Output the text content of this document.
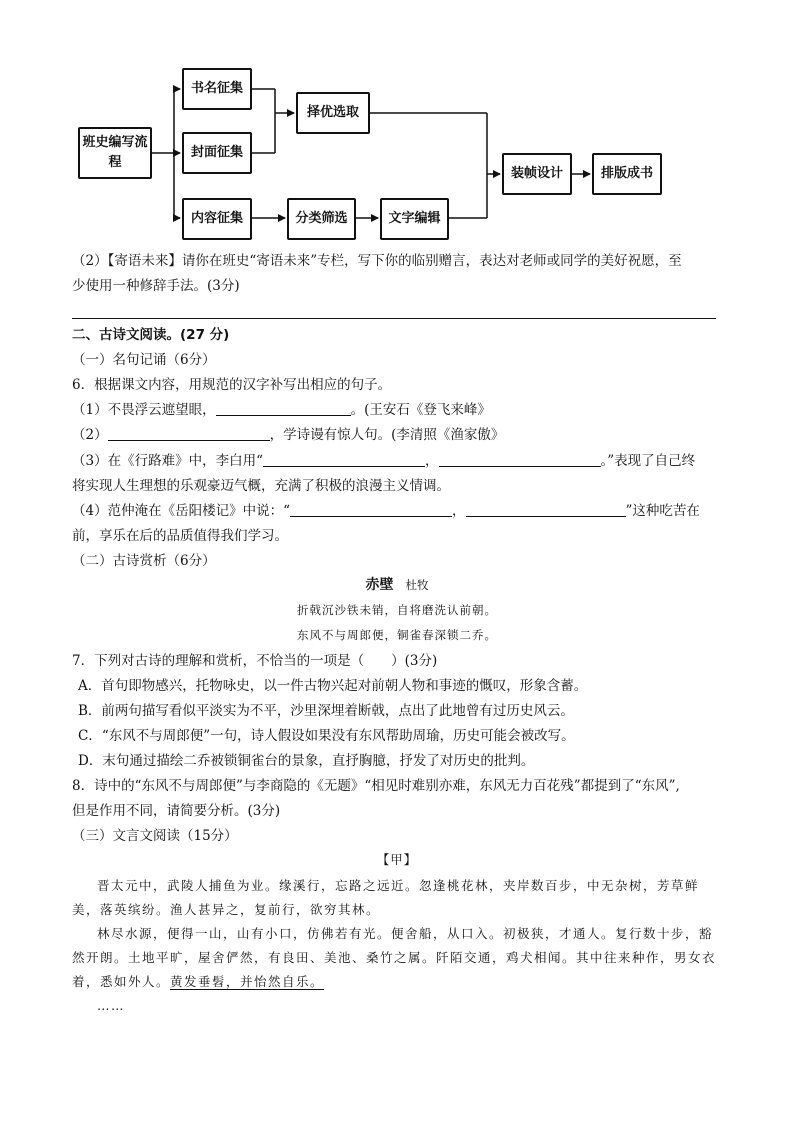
班史编写流程
书名征集
封面征集
内容征集
择优选取
分类筛选	文字编辑
装帧设计	排版成书
（2）【寄语未来】请你在班史“寄语未来”专栏，写下你的临别赠言，表达对老师或同学的美好祝愿，至
少使用一种修辞手法。(3分)
二、古诗文阅读。(27 分)
（一）名句记诵（6分）
6．根据课文内容，用规范的汉字补写出相应的句子。
（1）不畏浮云遮望眼，	。(王安石《登飞来峰》
（2）	，学诗谩有惊人句。(李清照《渔家傲》
（3）在《行路难》中，李白用“	，	。”表现了自己终
将实现人生理想的乐观豪迈气概，充满了积极的浪漫主义情调。
（4）范仲淹在《岳阳楼记》中说：“	，	”这种吃苦在
前，享乐在后的品质值得我们学习。
（二）古诗赏析（6分）
赤壁 杜牧
折戟沉沙铁未销，自将磨洗认前朝。
东风不与周郎便，铜雀春深锁二乔。
7．下列对古诗的理解和赏析，不恰当的一项是（　　）(3分)
A．首句即物感兴，托物咏史，以一件古物兴起对前朝人物和事迹的慨叹，形象含蓄。
B．前两句描写看似平淡实为不平，沙里深埋着断戟，点出了此地曾有过历史风云。
C．“东风不与周郎便”一句，诗人假设如果没有东风帮助周瑜，历史可能会被改写。
D．末句通过描绘二乔被锁铜雀台的景象，直抒胸臆，抒发了对历史的批判。
8．诗中的“东风不与周郎便”与李商隐的《无题》“相见时难别亦难，东风无力百花残”都提到了“东风”,
但是作用不同，请简要分析。(3分)
（三）文言文阅读（15分）
【甲】

晋太元中，武陵人捕鱼为业。缘溪行，忘路之远近。忽逢桃花林，夹岸数百步，中无杂树，芳草鲜美，落英缤纷。渔人甚异之，复前行，欲穷其林。

林尽水源，便得一山，山有小口，仿佛若有光。便舍船，从口入。初极狭，才通人。复行数十步，豁然开朗。土地平旷，屋舍俨然，有良田、美池、桑竹之属。阡陌交通，鸡犬相闻。其中往来种作，男女衣着，悉如外人。黄发垂髫，并怡然自乐。

……
